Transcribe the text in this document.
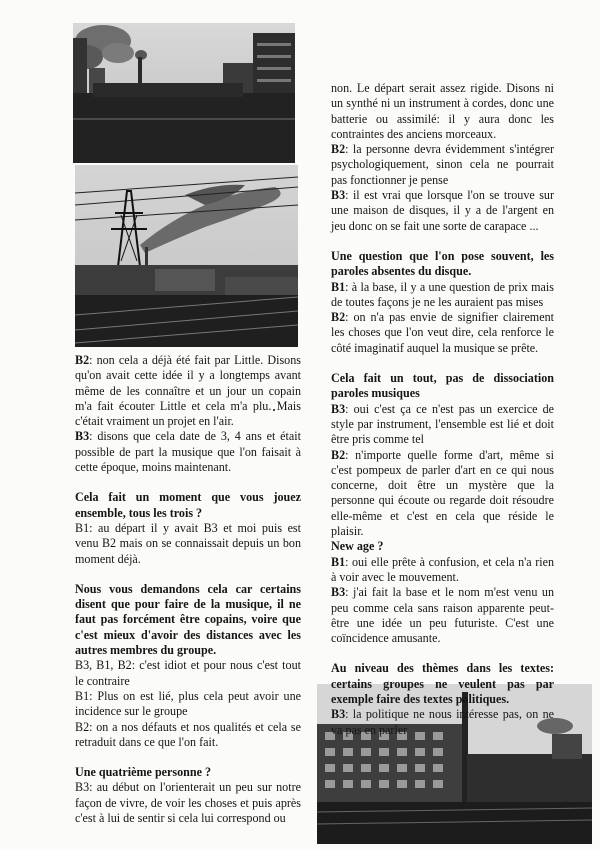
B2: non cela a déjà été fait par Little. Disons qu'on avait cette idée il y a longtemps avant même de les connaître et un jour un copain m'a fait écouter Little et cela m'a plu. Mais c'était vraiment un projet en l'air.

B3: disons que cela date de 3, 4 ans et était possible de part la musique que l'on faisait à cette époque, moins maintenant.

Cela fait un moment que vous jouez ensemble, tous les trois ?

B1: au départ il y avait B3 et moi puis est venu B2 mais on se connaissait depuis un bon moment déjà.

Nous vous demandons cela car certains disent que pour faire de la musique, il ne faut pas forcément être copains, voire que c'est mieux d'avoir des distances avec les autres membres du groupe.

B3, B1, B2: c'est idiot et pour nous c'est tout le contraire

B1: Plus on est lié, plus cela peut avoir une incidence sur le groupe

B2: on a nos défauts et nos qualités et cela se retraduit dans ce que l'on fait.

Une quatrième personne ?

B3: au début on l'orienterait un peu sur notre façon de vivre, de voir les choses et puis après c'est à lui de sentir si cela lui correspond ou

non. Le départ serait assez rigide. Disons ni un synthé ni un instrument à cordes, donc une batterie ou assimilé: il y aura donc les contraintes des anciens morceaux.

B2: la personne devra évidemment s'intégrer psychologiquement, sinon cela ne pourrait pas fonctionner je pense

B3: il est vrai que lorsque l'on se trouve sur une maison de disques, il y a de l'argent en jeu donc on se fait une sorte de carapace ...

Une question que l'on pose souvent, les paroles absentes du disque.

B1: à la base, il y a une question de prix mais de toutes façons je ne les auraient pas mises

B2: on n'a pas envie de signifier clairement les choses que l'on veut dire, cela renforce le côté imaginatif auquel la musique se prête.

Cela fait un tout, pas de dissociation paroles musiques

B3: oui c'est ça ce n'est pas un exercice de style par instrument, l'ensemble est lié et doit être pris comme tel

B2: n'importe quelle forme d'art, même si c'est pompeux de parler d'art en ce qui nous concerne, doit être un mystère que la personne qui écoute ou regarde doit résoudre elle-même et c'est en cela que réside le plaisir.

New age ?

B1: oui elle prête à confusion, et cela n'a rien à voir avec le mouvement.

B3: j'ai fait la base et le nom m'est venu un peu comme cela sans raison apparente peut-être une idée un peu futuriste. C'est une coïncidence amusante.

Au niveau des thèmes dans les textes: certains groupes ne veulent pas par exemple faire des textes politiques.

B3: la politique ne nous intéresse pas, on ne va pas en parler
